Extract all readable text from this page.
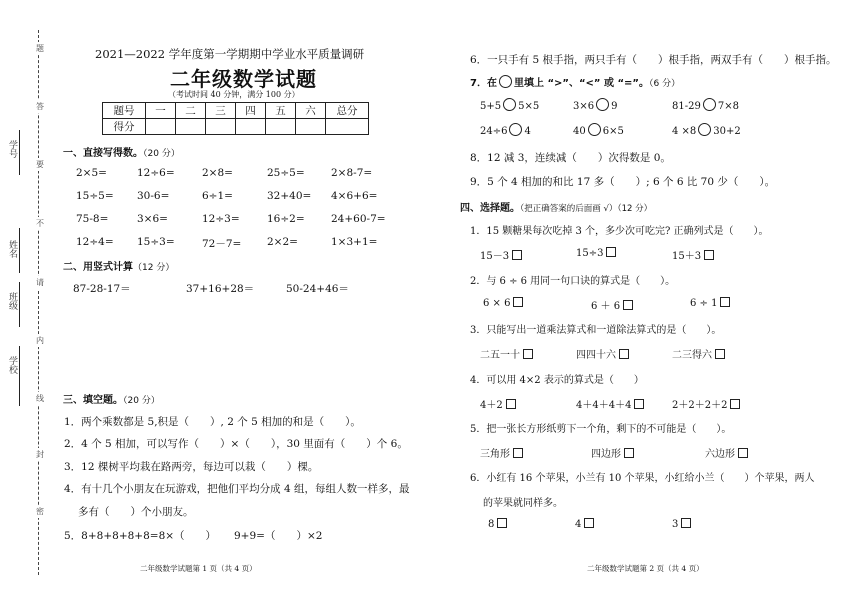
题
答
要
不
请
内
线
封
密
学号
姓名
班级
学校
2021—2022 学年度第一学期期中学业水平质量调研
二年级数学试题
（考试时间 40 分钟，满分 100 分）
题号	一	二	三	四	五	六	总分
得分							
一、直接写得数。（20 分）
2×5=	12÷6=	2×8=	25÷5=	2×8-7=
15÷5= 30-6=	6÷1=	32+40= 4×6+6=
75-8=	3×6=	12÷3=	16÷2=	24+60-7=
12÷4= 15÷3=	72－7= 2×2=	1×3+1=
二、用竖式计算（12 分）
87-28-17＝	37+16+28＝	50-24+46＝
三、填空题。（20 分）
1．两个乘数都是 5,积是（　　）, 2 个 5 相加的和是（　　）。
2．4 个 5 相加，可以写作（　　）×（　　），30 里面有（　　）个 6。
3．12 棵树平均栽在路两旁，每边可以栽（　　）棵。
4．有十几个小朋友在玩游戏，把他们平均分成 4 组，每组人数一样多，最
多有（　　）个小朋友。
5．8+8+8+8+8=8×（　　） 9+9=（　　）×2
二年级数学试题第 1 页（共 4 页）
6．一只手有 5 根手指，两只手有（　　）根手指，两双手有（　　）根手指。
7．在 里填上 “>”、“<” 或 “=”。（6 分）
5+5 5×5	3×6 9	81-29 7×8
24÷6 4	40 6×5	4 ×8 30+2
8．12 减 3，连续减（　　）次得数是 0。
9．5 个 4 相加的和比 17 多（　　）; 6 个 6 比 70 少（　　）。
四、选择题。（把正确答案的后面画 √）（12 分）
1．15 颗糖果每次吃掉 3 个，多少次可吃完? 正确列式是（　　）。
15－3	15÷3	15＋3
2．与 6 ÷ 6 用同一句口诀的算式是（　　）。
6 × 6	6 ＋ 6	6 ÷ 1
3．只能写出一道乘法算式和一道除法算式的是（　　）。
二五一十	四四十六	二三得六
4．可以用 4×2 表示的算式是（　　）
4＋2	4＋4＋4＋4	2＋2＋2＋2
5．把一张长方形纸剪下一个角，剩下的不可能是（　　）。
三角形	四边形	六边形
6．小红有 16 个苹果，小兰有 10 个苹果，小红给小兰（　　）个苹果，两人
的苹果就同样多。
8	4	3
二年级数学试题第 2 页（共 4 页）
